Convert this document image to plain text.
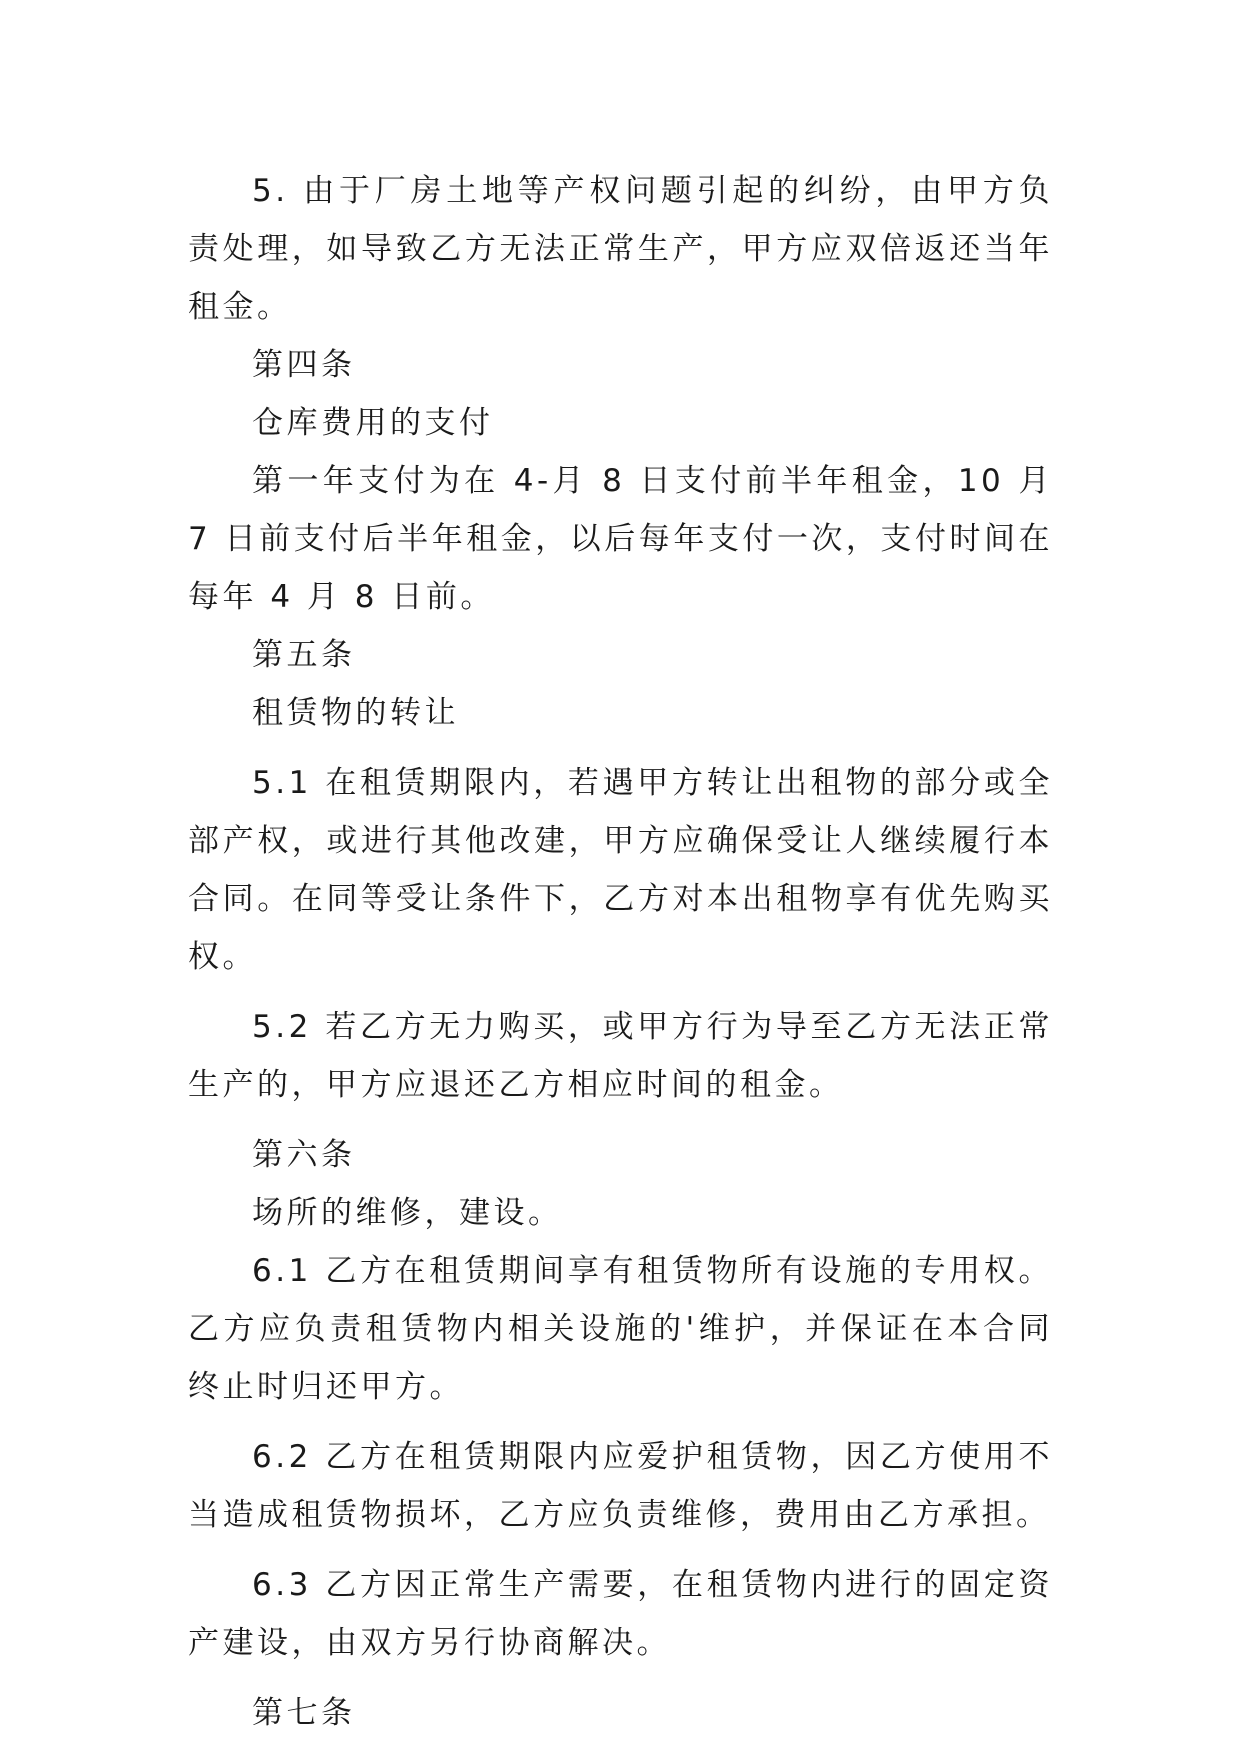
5. 由于厂房土地等产权问题引起的纠纷，由甲方负责处理，如导致乙方无法正常生产，甲方应双倍返还当年租金。

第四条

仓库费用的支付

第一年支付为在 4-月 8 日支付前半年租金，10 月 7 日前支付后半年租金，以后每年支付一次，支付时间在每年 4 月 8 日前。

第五条

租赁物的转让

5.1 在租赁期限内，若遇甲方转让出租物的部分或全部产权，或进行其他改建，甲方应确保受让人继续履行本合同。在同等受让条件下，乙方对本出租物享有优先购买权。

5.2 若乙方无力购买，或甲方行为导至乙方无法正常生产的，甲方应退还乙方相应时间的租金。

第六条

场所的维修，建设。

6.1 乙方在租赁期间享有租赁物所有设施的专用权。乙方应负责租赁物内相关设施的'维护，并保证在本合同终止时归还甲方。

6.2 乙方在租赁期限内应爱护租赁物，因乙方使用不当造成租赁物损坏，乙方应负责维修，费用由乙方承担。

6.3 乙方因正常生产需要，在租赁物内进行的固定资产建设，由双方另行协商解决。

第七条
